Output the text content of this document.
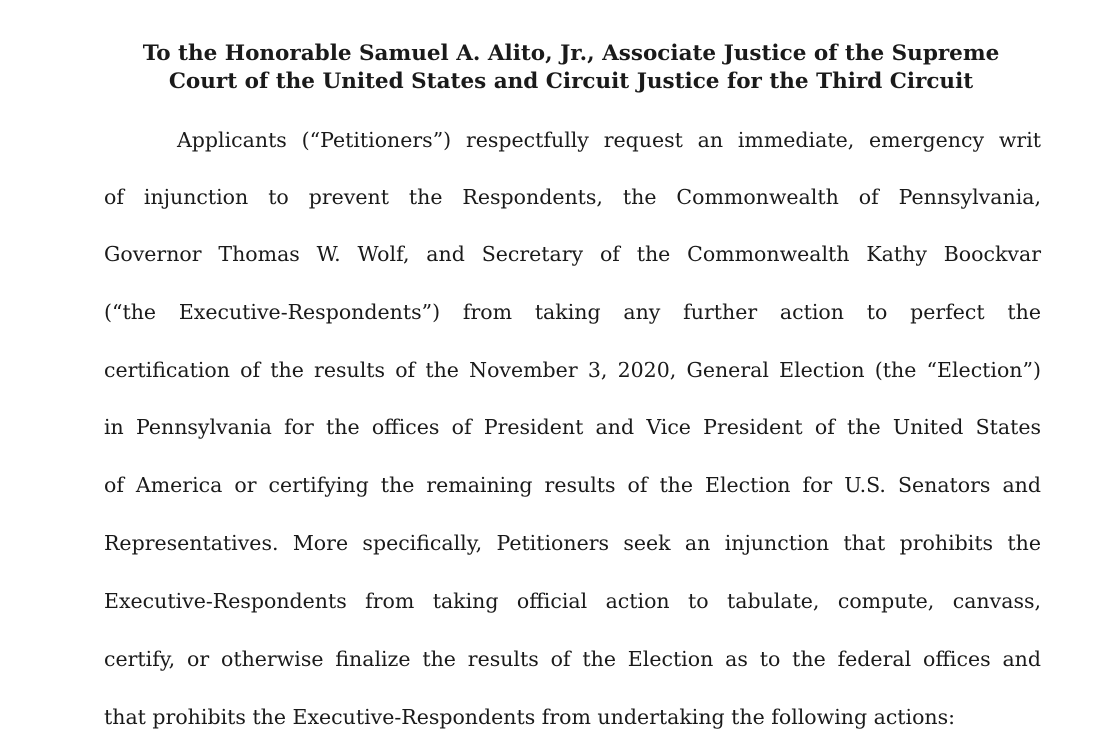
To the Honorable Samuel A. Alito, Jr., Associate Justice of the Supreme
Court of the United States and Circuit Justice for the Third Circuit
Applicants (“Petitioners”) respectfully request an immediate, emergency writ
of injunction to prevent the Respondents, the Commonwealth of Pennsylvania,
Governor Thomas W. Wolf, and Secretary of the Commonwealth Kathy Boockvar
(“the Executive-Respondents”) from taking any further action to perfect the
certification of the results of the November 3, 2020, General Election (the “Election”)
in Pennsylvania for the offices of President and Vice President of the United States
of America or certifying the remaining results of the Election for U.S. Senators and
Representatives. More specifically, Petitioners seek an injunction that prohibits the
Executive-Respondents from taking official action to tabulate, compute, canvass,
certify, or otherwise finalize the results of the Election as to the federal offices and
that prohibits the Executive-Respondents from undertaking the following actions:
